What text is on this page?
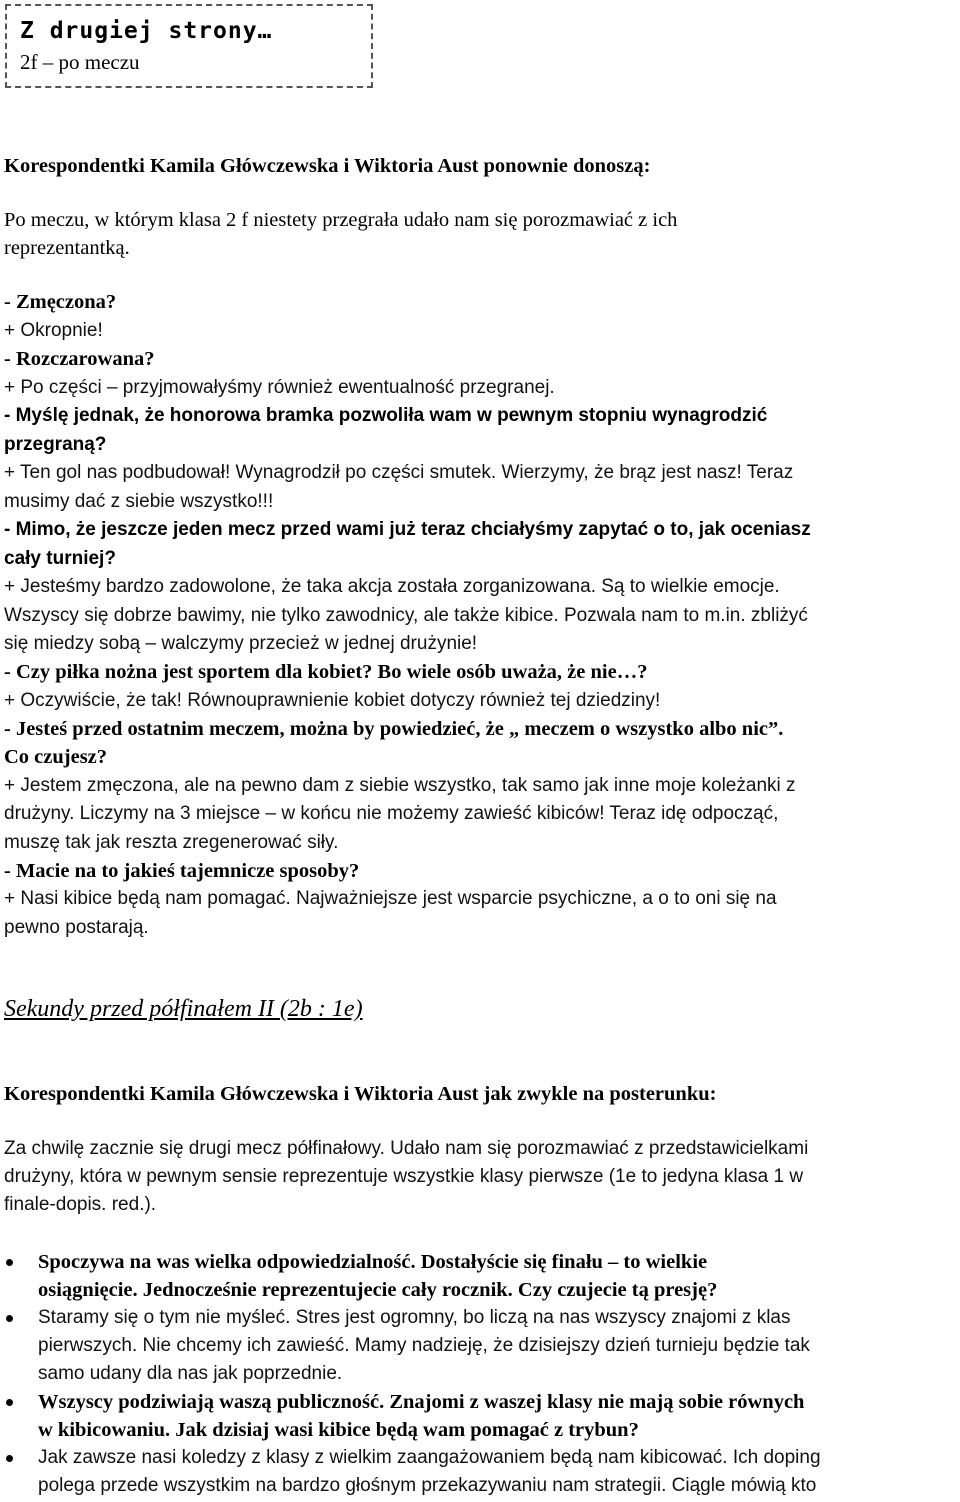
Z drugiej strony…
2f – po meczu
Korespondentki Kamila Główczewska i Wiktoria Aust ponownie donoszą:
Po meczu, w którym klasa 2 f niestety przegrała udało nam się porozmawiać z ich
reprezentantką.
- Zmęczona?
+ Okropnie!
- Rozczarowana?
+ Po części – przyjmowałyśmy również ewentualność przegranej.
- Myślę jednak, że honorowa bramka pozwoliła wam w pewnym stopniu wynagrodzić
przegraną?
+ Ten gol nas podbudował! Wynagrodził po części smutek. Wierzymy, że brąz jest nasz! Teraz
musimy dać z siebie wszystko!!!
- Mimo, że jeszcze jeden mecz przed wami już teraz chciałyśmy zapytać o to, jak oceniasz
cały turniej?
+ Jesteśmy bardzo zadowolone, że taka akcja została zorganizowana. Są to wielkie emocje.
Wszyscy się dobrze bawimy, nie tylko zawodnicy, ale także kibice. Pozwala nam to m.in. zbliżyć
się miedzy sobą – walczymy przecież w jednej drużynie!
- Czy piłka nożna jest sportem dla kobiet? Bo wiele osób uważa, że nie…?
+ Oczywiście, że tak! Równouprawnienie kobiet dotyczy również tej dziedziny!
- Jesteś przed ostatnim meczem, można by powiedzieć, że „ meczem o wszystko albo nic”.
Co czujesz?
+ Jestem zmęczona, ale na pewno dam z siebie wszystko, tak samo jak inne moje koleżanki z
drużyny. Liczymy na 3 miejsce – w końcu nie możemy zawieść kibiców! Teraz idę odpocząć,
muszę tak jak reszta zregenerować siły.
- Macie na to jakieś tajemnicze sposoby?
+ Nasi kibice będą nam pomagać. Najważniejsze jest wsparcie psychiczne, a o to oni się na
pewno postarają.
Sekundy przed półfinałem II (2b : 1e)
Korespondentki Kamila Główczewska i Wiktoria Aust jak zwykle na posterunku:
Za chwilę zacznie się drugi mecz półfinałowy. Udało nam się porozmawiać z przedstawicielkami
drużyny, która w pewnym sensie reprezentuje wszystkie klasy pierwsze (1e to jedyna klasa 1 w
finale-dopis. red.).
Spoczywa na was wielka odpowiedzialność. Dostałyście się finału – to wielkie
osiągnięcie. Jednocześnie reprezentujecie cały rocznik. Czy czujecie tą presję?
Staramy się o tym nie myśleć. Stres jest ogromny, bo liczą na nas wszyscy znajomi z klas
pierwszych. Nie chcemy ich zawieść. Mamy nadzieję, że dzisiejszy dzień turnieju będzie tak
samo udany dla nas jak poprzednie.
Wszyscy podziwiają waszą publiczność. Znajomi z waszej klasy nie mają sobie równych
w kibicowaniu. Jak dzisiaj wasi kibice będą wam pomagać z trybun?
Jak zawsze nasi koledzy z klasy z wielkim zaangażowaniem będą nam kibicować. Ich doping
polega przede wszystkim na bardzo głośnym przekazywaniu nam strategii. Ciągle mówią kto
